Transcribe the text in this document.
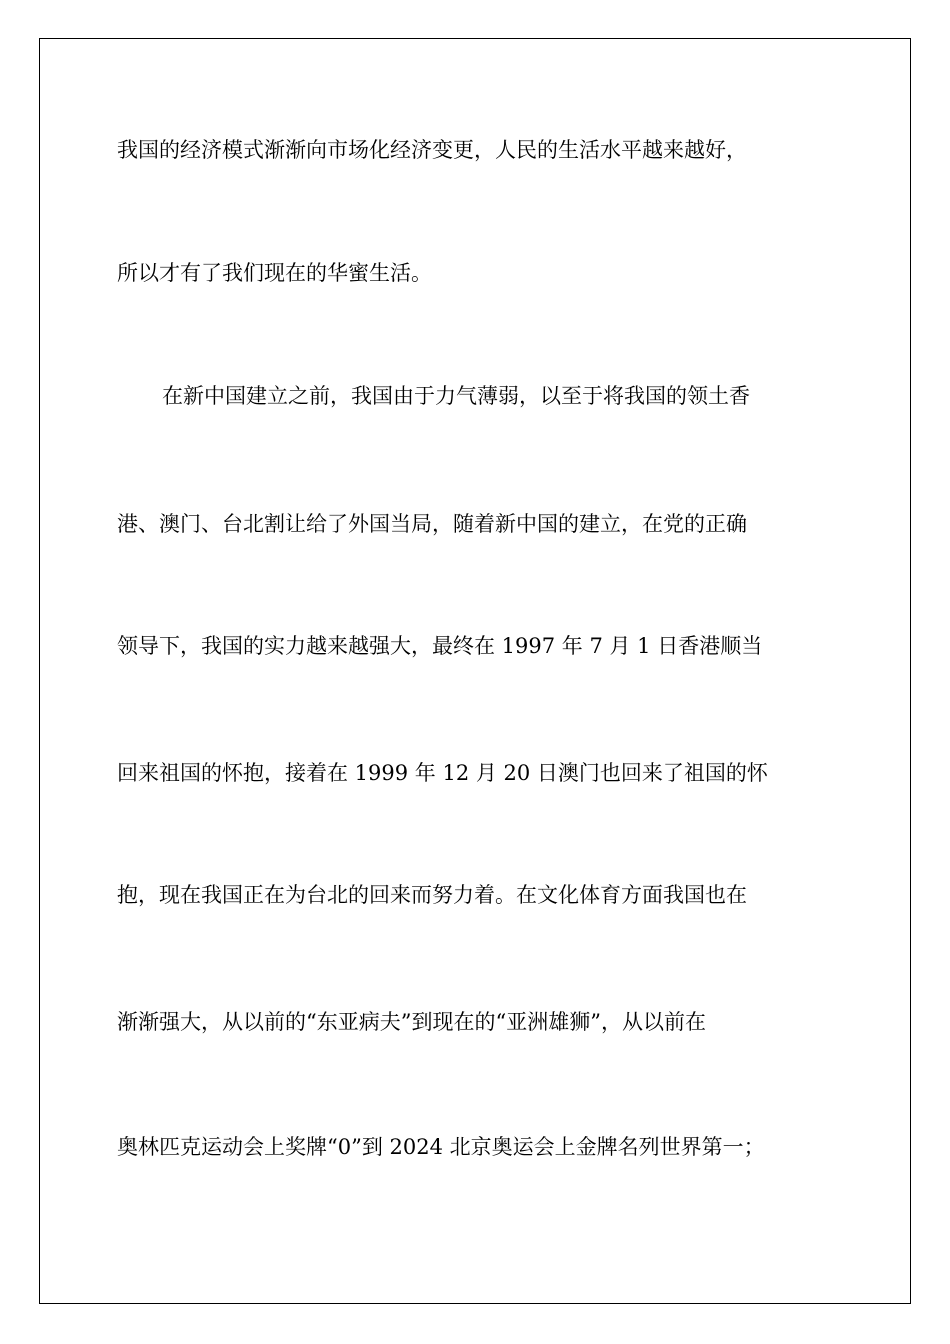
我国的经济模式渐渐向市场化经济变更，人民的生活水平越来越好，

所以才有了我们现在的华蜜生活。

在新中国建立之前，我国由于力气薄弱，以至于将我国的领土香

港、澳门、台北割让给了外国当局，随着新中国的建立，在党的正确

领导下，我国的实力越来越强大，最终在 1997 年 7 月 1 日香港顺当

回来祖国的怀抱，接着在 1999 年 12 月 20 日澳门也回来了祖国的怀

抱，现在我国正在为台北的回来而努力着。在文化体育方面我国也在

渐渐强大，从以前的“东亚病夫”到现在的“亚洲雄狮”，从以前在

奥林匹克运动会上奖牌“0”到 2024 北京奥运会上金牌名列世界第一；
